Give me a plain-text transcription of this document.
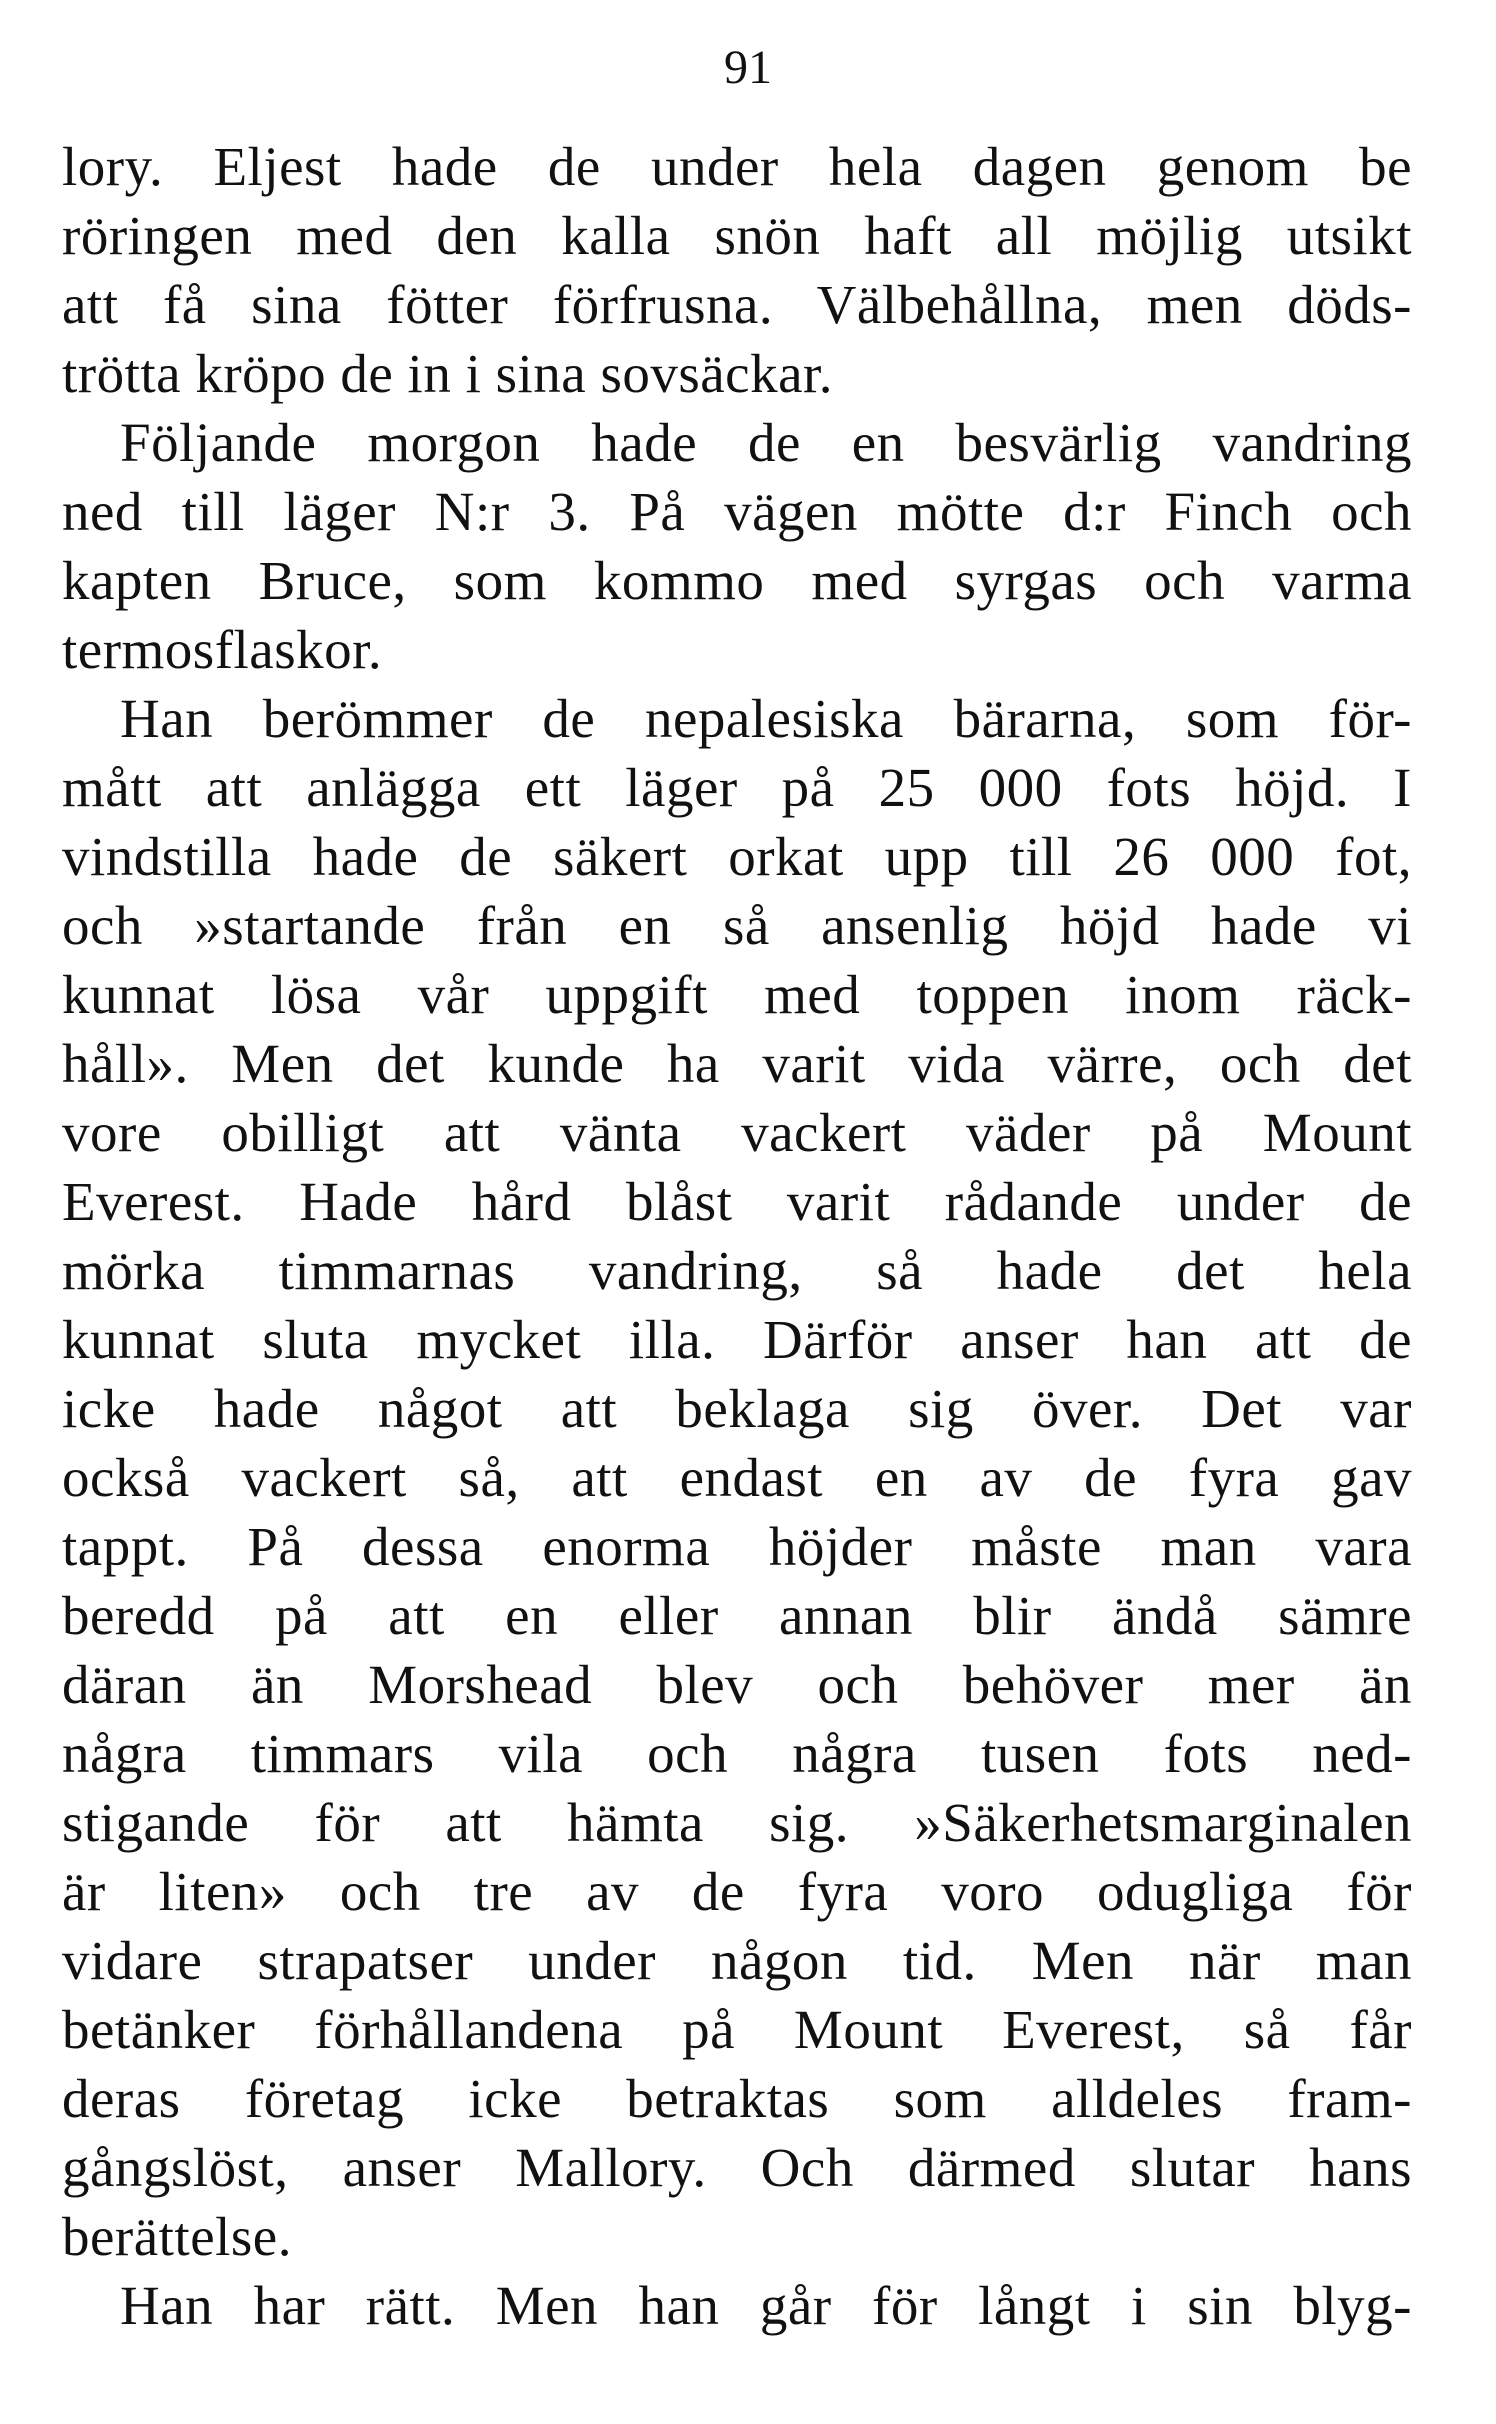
91
lory. Eljest hade de under hela dagen genom be
röringen med den kalla snön haft all möjlig utsikt
att få sina fötter förfrusna. Välbehållna, men döds-
trötta kröpo de in i sina sovsäckar.
Följande morgon hade de en besvärlig vandring
ned till läger N:r 3. På vägen mötte d:r Finch och
kapten Bruce, som kommo med syrgas och varma
termosflaskor.
Han berömmer de nepalesiska bärarna, som för-
mått att anlägga ett läger på 25 000 fots höjd. I
vindstilla hade de säkert orkat upp till 26 000 fot,
och »startande från en så ansenlig höjd hade vi
kunnat lösa vår uppgift med toppen inom räck-
håll». Men det kunde ha varit vida värre, och det
vore obilligt att vänta vackert väder på Mount
Everest. Hade hård blåst varit rådande under de
mörka timmarnas vandring, så hade det hela
kunnat sluta mycket illa. Därför anser han att de
icke hade något att beklaga sig över. Det var
också vackert så, att endast en av de fyra gav
tappt. På dessa enorma höjder måste man vara
beredd på att en eller annan blir ändå sämre
däran än Morshead blev och behöver mer än
några timmars vila och några tusen fots ned-
stigande för att hämta sig. »Säkerhetsmarginalen
är liten» och tre av de fyra voro odugliga för
vidare strapatser under någon tid. Men när man
betänker förhållandena på Mount Everest, så får
deras företag icke betraktas som alldeles fram-
gångslöst, anser Mallory. Och därmed slutar hans
berättelse.
Han har rätt. Men han går för långt i sin blyg-
